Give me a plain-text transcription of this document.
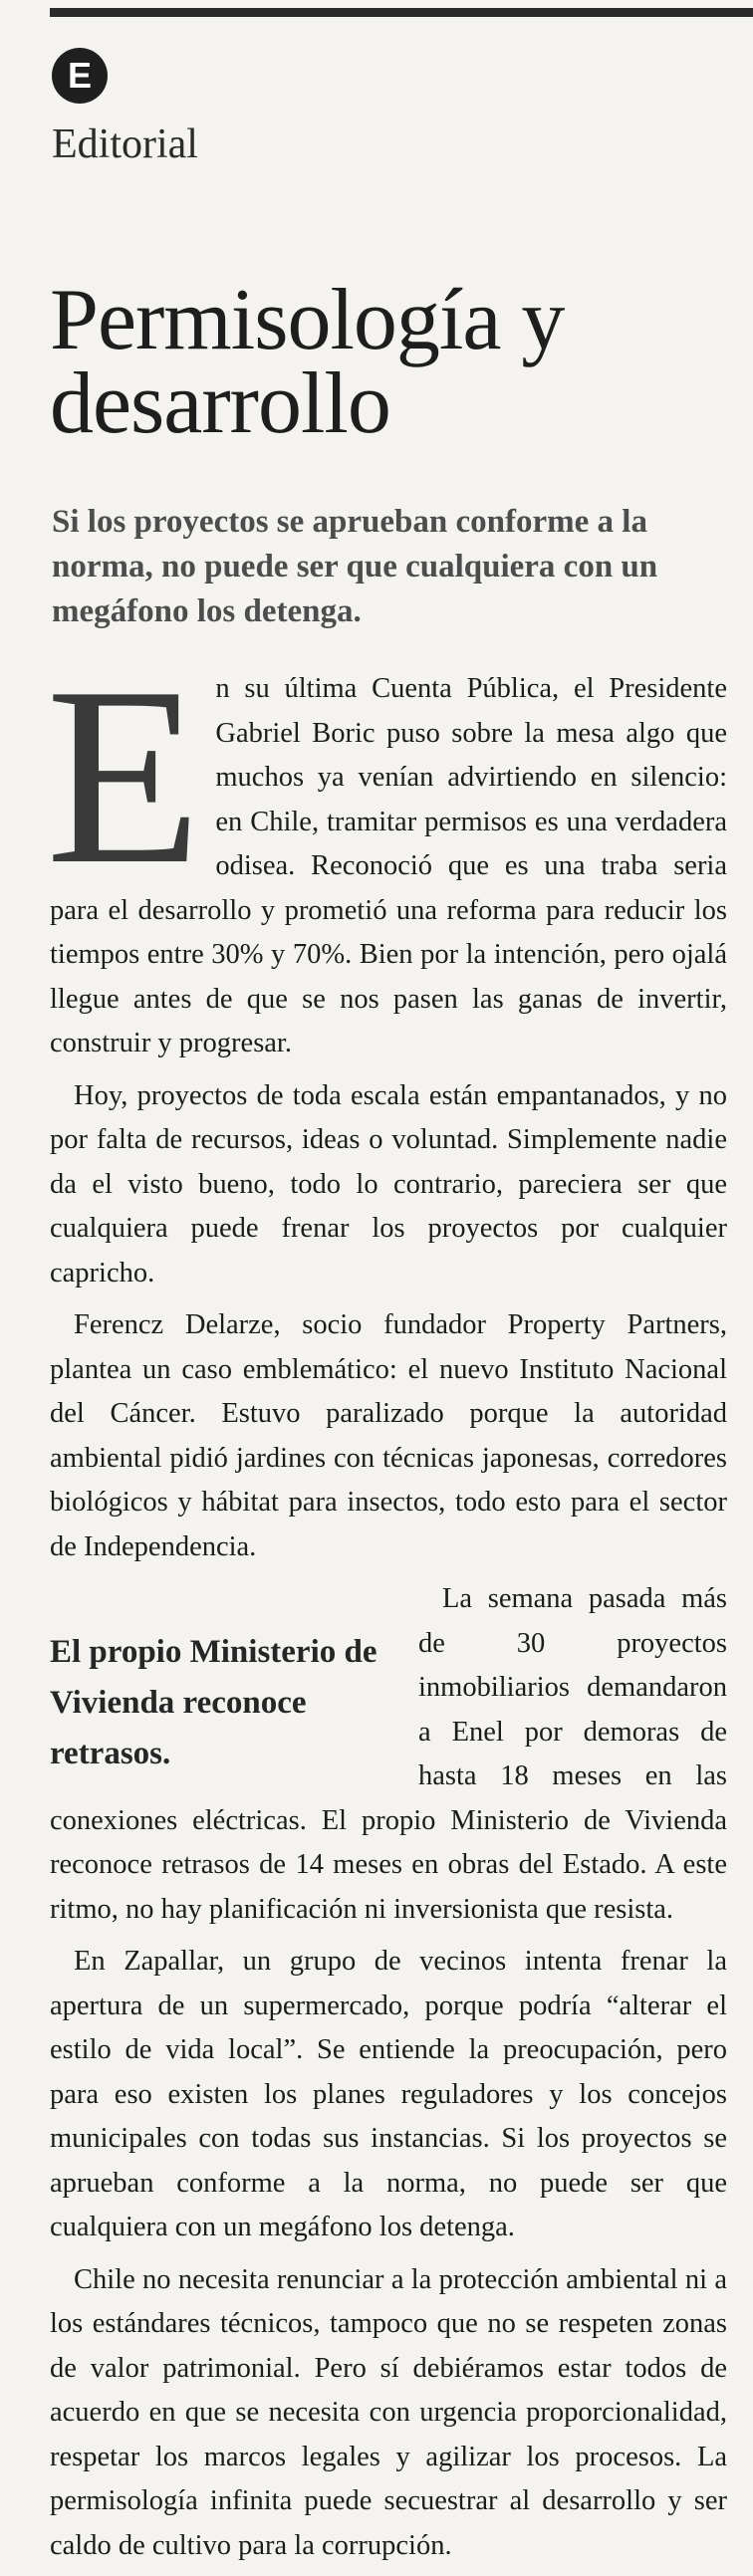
E
Editorial
Permisología y desarrollo

Si los proyectos se aprueban conforme a la norma, no puede ser que cualquiera con un megáfono los detenga.

En su última Cuenta Pública, el Presidente Gabriel Boric puso sobre la mesa algo que muchos ya venían advirtiendo en silencio: en Chile, tramitar permisos es una verdadera odisea. Reconoció que es una traba seria para el desarrollo y prometió una reforma para reducir los tiempos entre 30% y 70%. Bien por la intención, pero ojalá llegue antes de que se nos pasen las ganas de invertir, construir y progresar.

Hoy, proyectos de toda escala están empantanados, y no por falta de recursos, ideas o voluntad. Simplemente nadie da el visto bueno, todo lo contrario, pareciera ser que cualquiera puede frenar los proyectos por cualquier capricho.

Ferencz Delarze, socio fundador Property Partners, plantea un caso emblemático: el nuevo Instituto Nacional del Cáncer. Estuvo paralizado porque la autoridad ambiental pidió jardines con técnicas japonesas, corredores biológicos y hábitat para insectos, todo esto para el sector de Independencia.

El propio Ministerio de Vivienda reconoce retrasos.

La semana pasada más de 30 proyectos inmobiliarios demandaron a Enel por demoras de hasta 18 meses en las conexiones eléctricas. El propio Ministerio de Vivienda reconoce retrasos de 14 meses en obras del Estado. A este ritmo, no hay planificación ni inversionista que resista.

En Zapallar, un grupo de vecinos intenta frenar la apertura de un supermercado, porque podría “alterar el estilo de vida local”. Se entiende la preocupación, pero para eso existen los planes reguladores y los concejos municipales con todas sus instancias. Si los proyectos se aprueban conforme a la norma, no puede ser que cualquiera con un megáfono los detenga.

Chile no necesita renunciar a la protección ambiental ni a los estándares técnicos, tampoco que no se respeten zonas de valor patrimonial. Pero sí debiéramos estar todos de acuerdo en que se necesita con urgencia proporcionalidad, respetar los marcos legales y agilizar los procesos. La permisología infinita puede secuestrar al desarrollo y ser caldo de cultivo para la corrupción.
